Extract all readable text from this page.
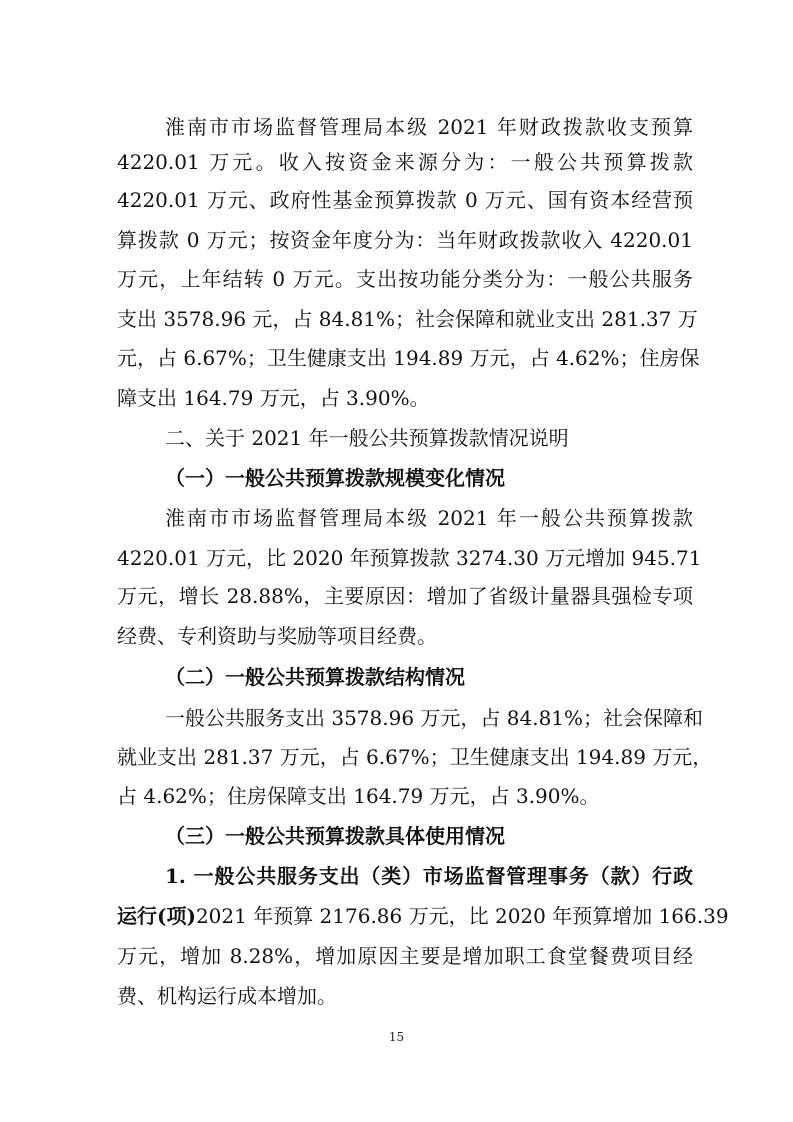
淮南市市场监督管理局本级 2021 年财政拨款收支预算
4220.01 万元。收入按资金来源分为：一般公共预算拨款
4220.01 万元、政府性基金预算拨款 0 万元、国有资本经营预
算拨款 0 万元；按资金年度分为：当年财政拨款收入 4220.01
万元，上年结转 0 万元。支出按功能分类分为：一般公共服务
支出 3578.96 元，占 84.81%；社会保障和就业支出 281.37 万
元，占 6.67%；卫生健康支出 194.89 万元，占 4.62%；住房保
障支出 164.79 万元，占 3.90%。
二、关于 2021 年一般公共预算拨款情况说明
（一）一般公共预算拨款规模变化情况
淮南市市场监督管理局本级 2021 年一般公共预算拨款
4220.01 万元，比 2020 年预算拨款 3274.30 万元增加 945.71
万元，增长 28.88%，主要原因：增加了省级计量器具强检专项
经费、专利资助与奖励等项目经费。
（二）一般公共预算拨款结构情况
一般公共服务支出 3578.96 万元，占 84.81%；社会保障和
就业支出 281.37 万元，占 6.67%；卫生健康支出 194.89 万元，
占 4.62%；住房保障支出 164.79 万元，占 3.90%。
（三）一般公共预算拨款具体使用情况
1. 一般公共服务支出（类）市场监督管理事务（款）行政
运行(项) 2021 年预算 2176.86 万元，比 2020 年预算增加 166.39
万元，增加 8.28%，增加原因主要是增加职工食堂餐费项目经
费、机构运行成本增加。
15
